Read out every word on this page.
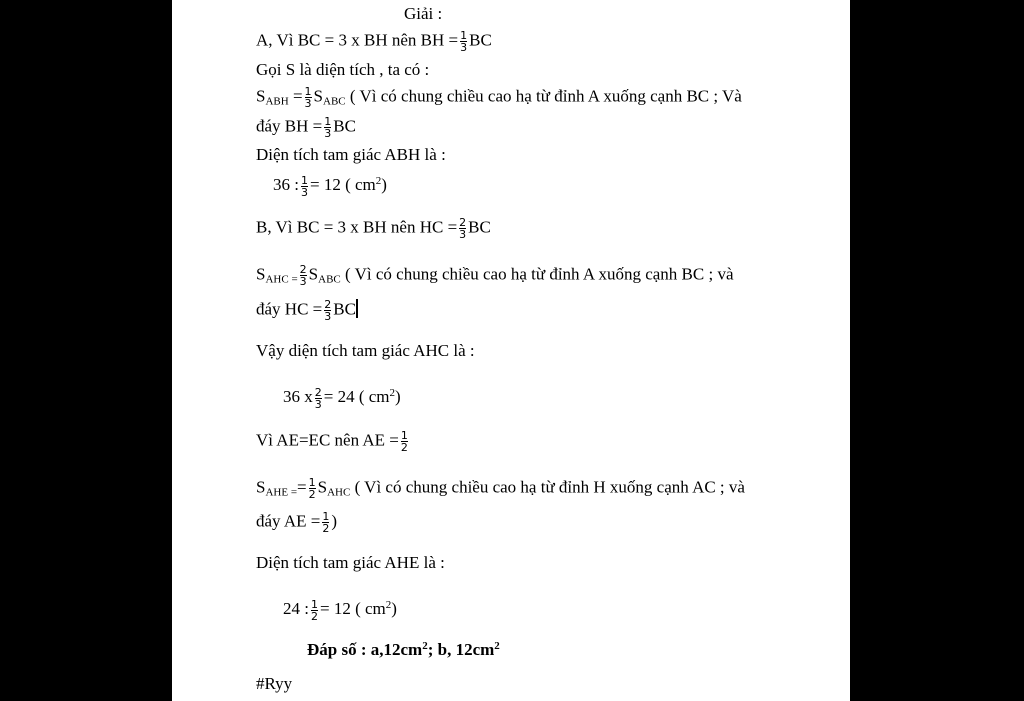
Giải :
A, Vì BC = 3 x BH nên BH = $\frac{1}{3}$ BC
Gọi S là diện tích , ta có :
$S_{ABH} = \frac{1}{3} S_{ABC}$ ( Vì có chung chiều cao hạ từ đỉnh A xuống cạnh BC ; Và
đáy BH = $\frac{1}{3}$ BC
Diện tích tam giác ABH là :
36 : $\frac{1}{3} = 12$ ( $cm^2$)
B, Vì BC = 3 x BH nên HC = $\frac{2}{3}$ BC
$S_{AHC =} \frac{2}{3} S_{ABC}$ ( Vì có chung chiều cao hạ từ đỉnh A xuống cạnh BC ; và
đáy HC = $\frac{2}{3}$ BC
Vậy diện tích tam giác AHC là :
36 x $\frac{2}{3} = 24$ ( $cm^2$)
Vì AE=EC nên AE = $\frac{1}{2}$
$S_{AHE =}= \frac{1}{2} S_{AHC}$ ( Vì có chung chiều cao hạ từ đỉnh H xuống cạnh AC ; và
đáy AE = $\frac{1}{2}$ )
Diện tích tam giác AHE là :
24 : $\frac{1}{2} = 12$ ( $cm^2$)
Đáp số : $a,12cm^2$; b, $12cm^2$
#Ryy
